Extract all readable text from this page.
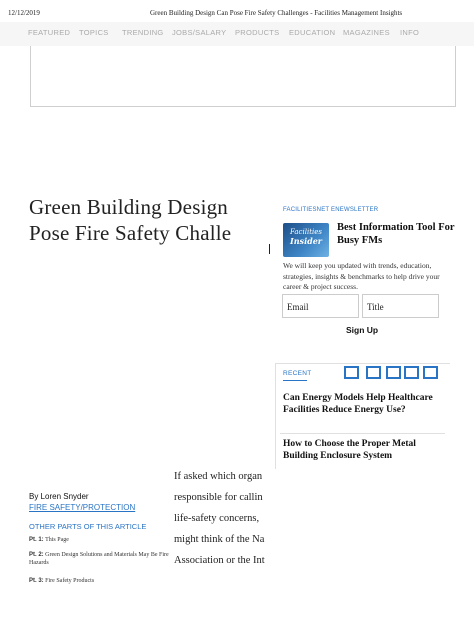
12/12/2019	Green Building Design Can Pose Fire Safety Challenges - Facilities Management Insights
FEATURED TOPICS TRENDING JOBS/SALARY PRODUCTS EDUCATION MAGAZINES INFO
Green Building Design
Pose Fire Safety Challe
FACILITIESNET ENEWSLETTER
Facilities
Insider
Best Information Tool For Busy FMs
We will keep you updated with trends, education, strategies, insights & benchmarks to help drive your career & project success.
Email	Title
Sign Up
RECENT
Can Energy Models Help Healthcare Facilities Reduce Energy Use?
How to Choose the Proper Metal Building Enclosure System
If asked which organ
responsible for callin
life-safety concerns,
might think of the Na
Association or the Int
By Loren Snyder
FIRE SAFETY/PROTECTION
OTHER PARTS OF THIS ARTICLE
Pt. 1: This Page
Pt. 2: Green Design Solutions and Materials May Be Fire Hazards
Pt. 3: Fire Safety Products
